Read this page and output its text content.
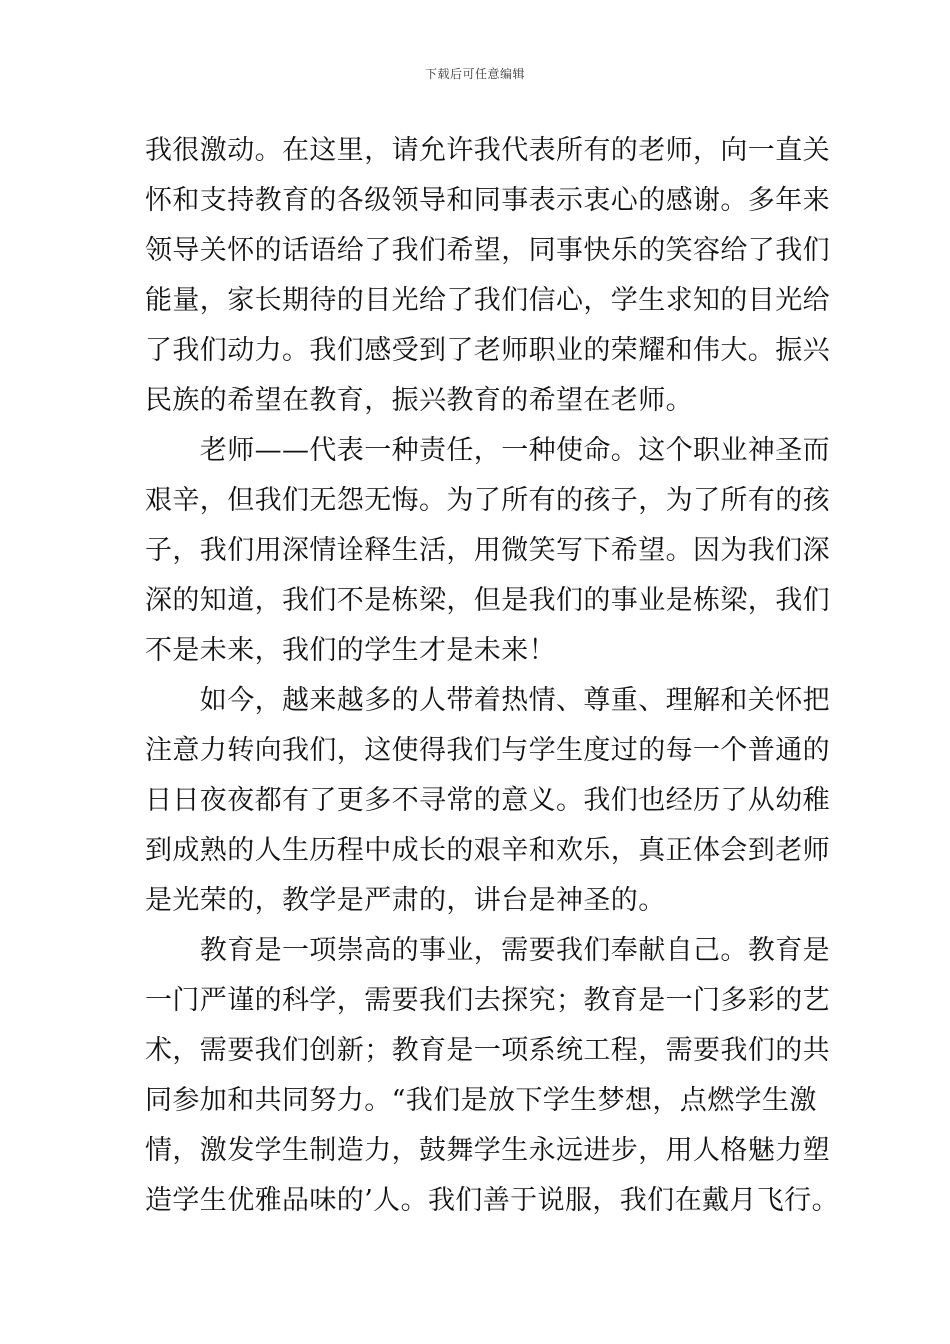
下载后可任意编辑
我很激动。在这里，请允许我代表所有的老师，向一直关
怀和支持教育的各级领导和同事表示衷心的感谢。多年来
领导关怀的话语给了我们希望，同事快乐的笑容给了我们
能量，家长期待的目光给了我们信心，学生求知的目光给
了我们动力。我们感受到了老师职业的荣耀和伟大。振兴
民族的希望在教育，振兴教育的希望在老师。
　　老师——代表一种责任，一种使命。这个职业神圣而
艰辛，但我们无怨无悔。为了所有的孩子，为了所有的孩
子，我们用深情诠释生活，用微笑写下希望。因为我们深
深的知道，我们不是栋梁，但是我们的事业是栋梁，我们
不是未来，我们的学生才是未来！
　　如今，越来越多的人带着热情、尊重、理解和关怀把
注意力转向我们，这使得我们与学生度过的每一个普通的
日日夜夜都有了更多不寻常的意义。我们也经历了从幼稚
到成熟的人生历程中成长的艰辛和欢乐，真正体会到老师
是光荣的，教学是严肃的，讲台是神圣的。
　　教育是一项崇高的事业，需要我们奉献自己。教育是
一门严谨的科学，需要我们去探究；教育是一门多彩的艺
术，需要我们创新；教育是一项系统工程，需要我们的共
同参加和共同努力。“我们是放下学生梦想，点燃学生激
情，激发学生制造力，鼓舞学生永远进步，用人格魅力塑
造学生优雅品味的’人。我们善于说服，我们在戴月飞行。
